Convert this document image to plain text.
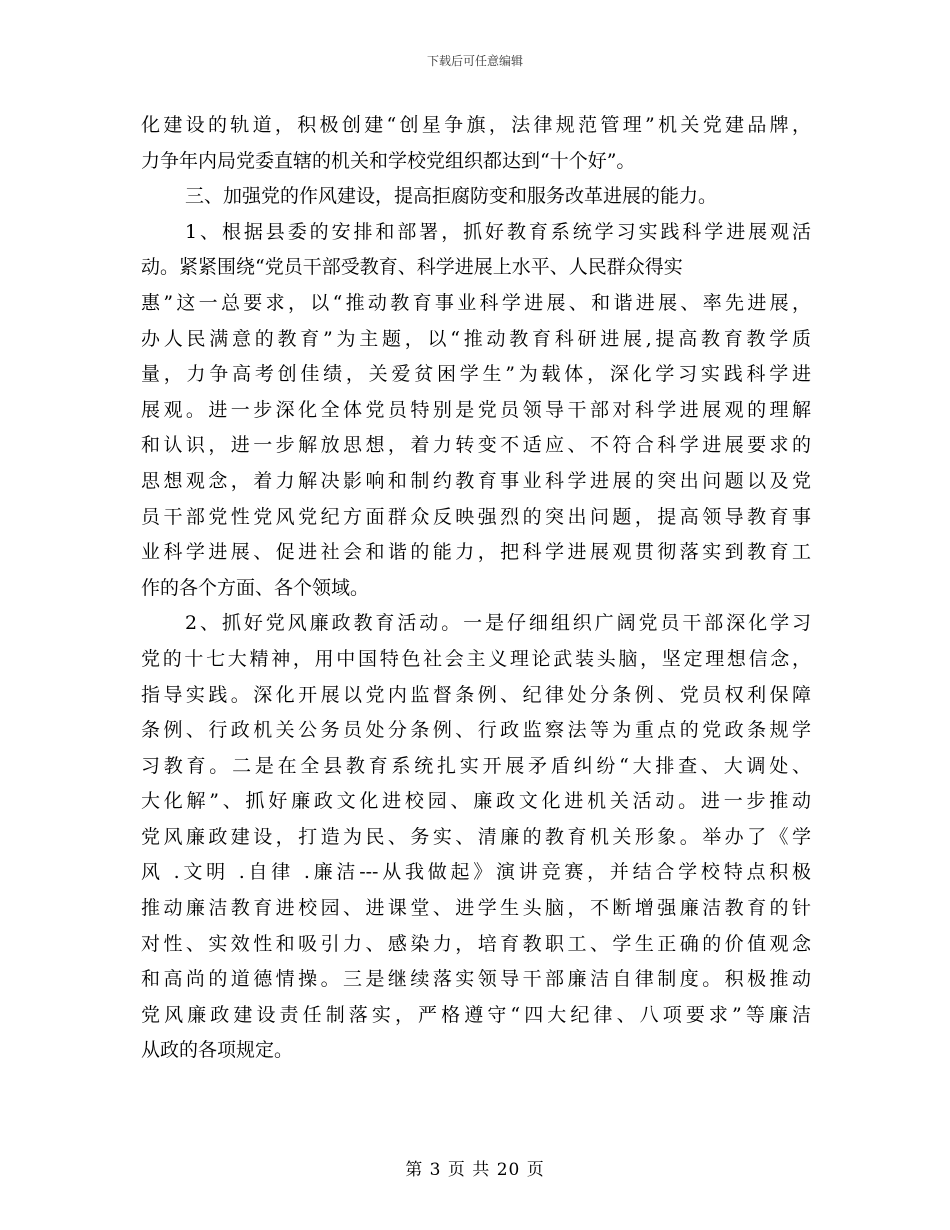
下载后可任意编辑
化建设的轨道，积极创建“创星争旗，法律规范管理”机关党建品牌，
力争年内局党委直辖的机关和学校党组织都达到“十个好”。
三、加强党的作风建设，提高拒腐防变和服务改革进展的能力。
1、根据县委的安排和部署，抓好教育系统学习实践科学进展观活
动。紧紧围绕“党员干部受教育、科学进展上水平、人民群众得实
惠”这一总要求，以“推动教育事业科学进展、和谐进展、率先进展，
办人民满意的教育”为主题，以“推动教育科研进展,提高教育教学质
量，力争高考创佳绩，关爱贫困学生”为载体，深化学习实践科学进
展观。进一步深化全体党员特别是党员领导干部对科学进展观的理解
和认识，进一步解放思想，着力转变不适应、不符合科学进展要求的
思想观念，着力解决影响和制约教育事业科学进展的突出问题以及党
员干部党性党风党纪方面群众反映强烈的突出问题，提高领导教育事
业科学进展、促进社会和谐的能力，把科学进展观贯彻落实到教育工
作的各个方面、各个领域。
2、抓好党风廉政教育活动。一是仔细组织广阔党员干部深化学习
党的十七大精神，用中国特色社会主义理论武装头脑，坚定理想信念，
指导实践。深化开展以党内监督条例、纪律处分条例、党员权利保障
条例、行政机关公务员处分条例、行政监察法等为重点的党政条规学
习教育。二是在全县教育系统扎实开展矛盾纠纷“大排查、大调处、
大化解”、抓好廉政文化进校园、廉政文化进机关活动。进一步推动
党风廉政建设，打造为民、务实、清廉的教育机关形象。举办了《学
风 .文明 .自律 .廉洁---从我做起》演讲竞赛，并结合学校特点积极
推动廉洁教育进校园、进课堂、进学生头脑，不断增强廉洁教育的针
对性、实效性和吸引力、感染力，培育教职工、学生正确的价值观念
和高尚的道德情操。三是继续落实领导干部廉洁自律制度。积极推动
党风廉政建设责任制落实，严格遵守“四大纪律、八项要求”等廉洁
从政的各项规定。
第 3 页 共 20 页
